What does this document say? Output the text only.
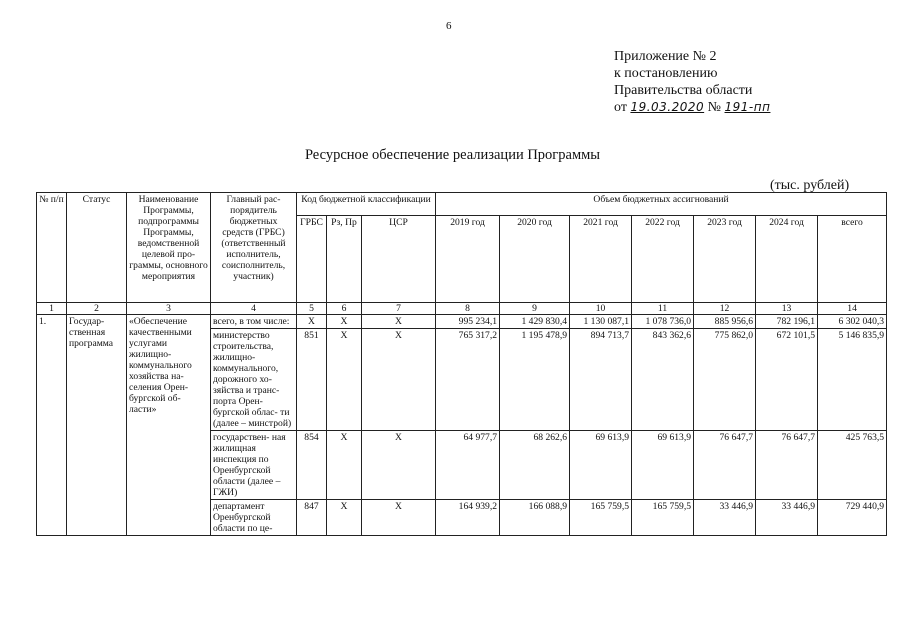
6
Приложение № 2
к постановлению
Правительства области
от 19.03.2020 № 191-пп
Ресурсное обеспечение реализации Программы
(тыс. рублей)
№ п/п	Статус	Наименование Программы, подпрограммы Программы, ведомственной целевой про- граммы, основного мероприятия	Главный рас- порядитель бюджетных средств (ГРБС) (ответственный исполнитель, соисполнитель, участник)	Код бюджетной классификации			Объем бюджетных ассигнований						
				ГРБС	Рз, Пр	ЦСР	2019 год	2020 год	2021 год	2022 год	2023 год	2024 год	всего
1	2	3	4	5	6	7	8	9	10	11	12	13	14
1.	Государ- ственная программа	«Обеспечение качественными услугами жилищно- коммунального хозяйства на- селения Орен- бургской об- ласти»	всего, в том числе:	X	X	X	995 234,1	1 429 830,4	1 130 087,1	1 078 736,0	885 956,6	782 196,1	6 302 040,3
			министерство строительства, жилищно- коммунального, дорожного хо- зяйства и транс- порта Орен- бургской облас- ти (далее – минстрой)	851	X	X	765 317,2	1 195 478,9	894 713,7	843 362,6	775 862,0	672 101,5	5 146 835,9
			государствен- ная жилищная инспекция по Оренбургской области (далее – ГЖИ)	854	X	X	64 977,7	68 262,6	69 613,9	69 613,9	76 647,7	76 647,7	425 763,5
			департамент Оренбургской области по це-	847	X	X	164 939,2	166 088,9	165 759,5	165 759,5	33 446,9	33 446,9	729 440,9
